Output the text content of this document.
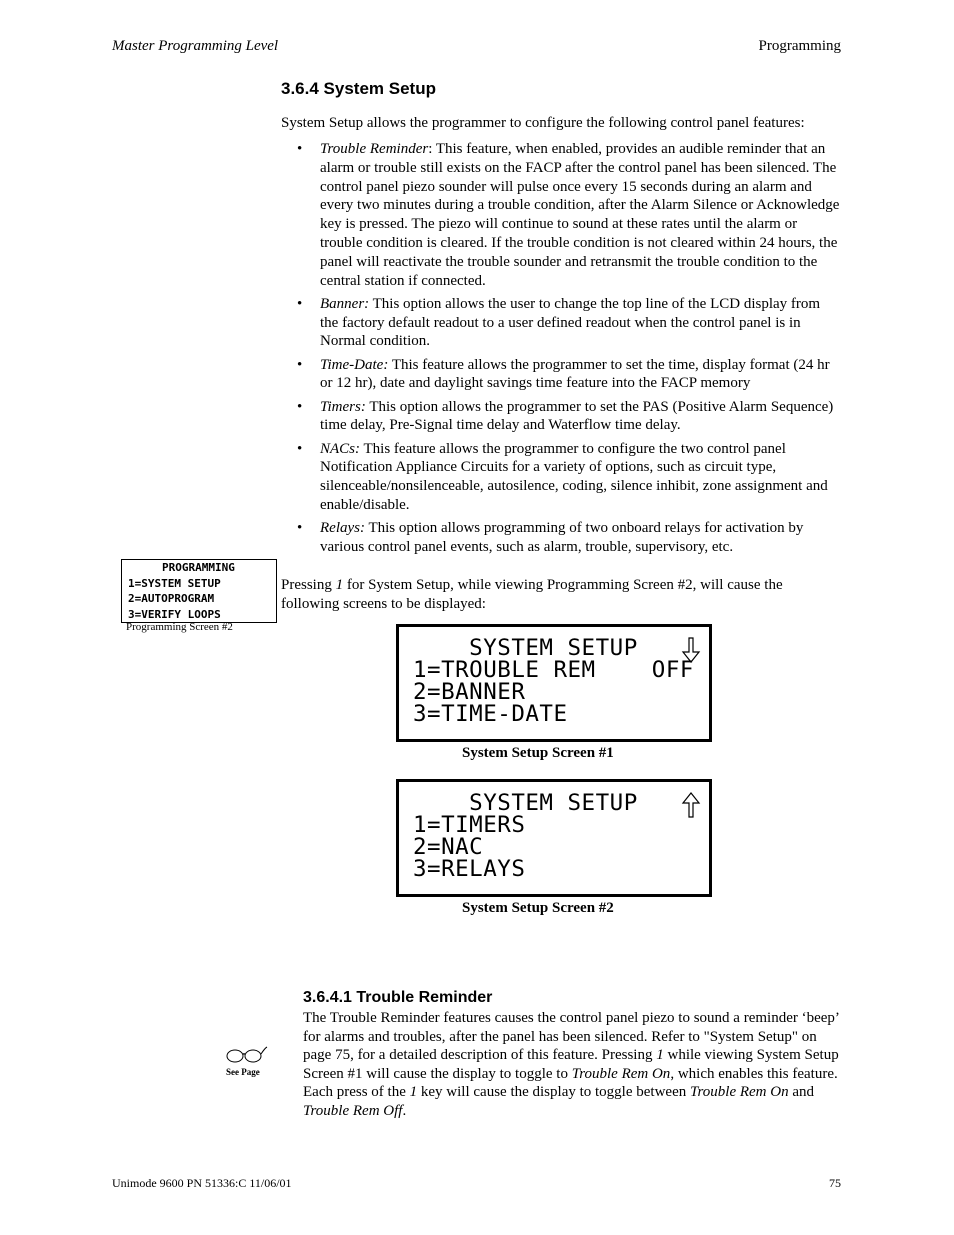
Master Programming Level	Programming
3.6.4 System Setup
System Setup allows the programmer to configure the following control panel features:
• Trouble Reminder: This feature, when enabled, provides an audible reminder that an alarm or trouble still exists on the FACP after the control panel has been silenced. The control panel piezo sounder will pulse once every 15 seconds during an alarm and every two minutes during a trouble condition, after the Alarm Silence or Acknowledge key is pressed. The piezo will continue to sound at these rates until the alarm or trouble condition is cleared. If the trouble condition is not cleared within 24 hours, the panel will reactivate the trouble sounder and retransmit the trouble condition to the central station if connected.
• Banner: This option allows the user to change the top line of the LCD display from the factory default readout to a user defined readout when the control panel is in Normal condition.
• Time-Date: This feature allows the programmer to set the time, display format (24 hr or 12 hr), date and daylight savings time feature into the FACP memory
• Timers: This option allows the programmer to set the PAS (Positive Alarm Sequence) time delay, Pre-Signal time delay and Waterflow time delay.
• NACs: This feature allows the programmer to configure the two control panel Notification Appliance Circuits for a variety of options, such as circuit type, silenceable/nonsilenceable, autosilence, coding, silence inhibit, zone assignment and enable/disable.
• Relays: This option allows programming of two onboard relays for activation by various control panel events, such as alarm, trouble, supervisory, etc.
PROGRAMMING
1=SYSTEM SETUP
2=AUTOPROGRAM
3=VERIFY LOOPS
Programming Screen #2
Pressing 1 for System Setup, while viewing Programming Screen #2, will cause the following screens to be displayed:
SYSTEM SETUP
1=TROUBLE REM    OFF
2=BANNER
3=TIME-DATE
System Setup Screen #1
SYSTEM SETUP
1=TIMERS
2=NAC
3=RELAYS
System Setup Screen #2
3.6.4.1 Trouble Reminder
See Page
The Trouble Reminder features causes the control panel piezo to sound a reminder ‘beep’ for alarms and troubles, after the panel has been silenced. Refer to "System Setup" on page 75, for a detailed description of this feature. Pressing 1 while viewing System Setup Screen #1 will cause the display to toggle to Trouble Rem On, which enables this feature. Each press of the 1 key will cause the display to toggle between Trouble Rem On and Trouble Rem Off.
Unimode 9600 PN 51336:C 11/06/01	75
